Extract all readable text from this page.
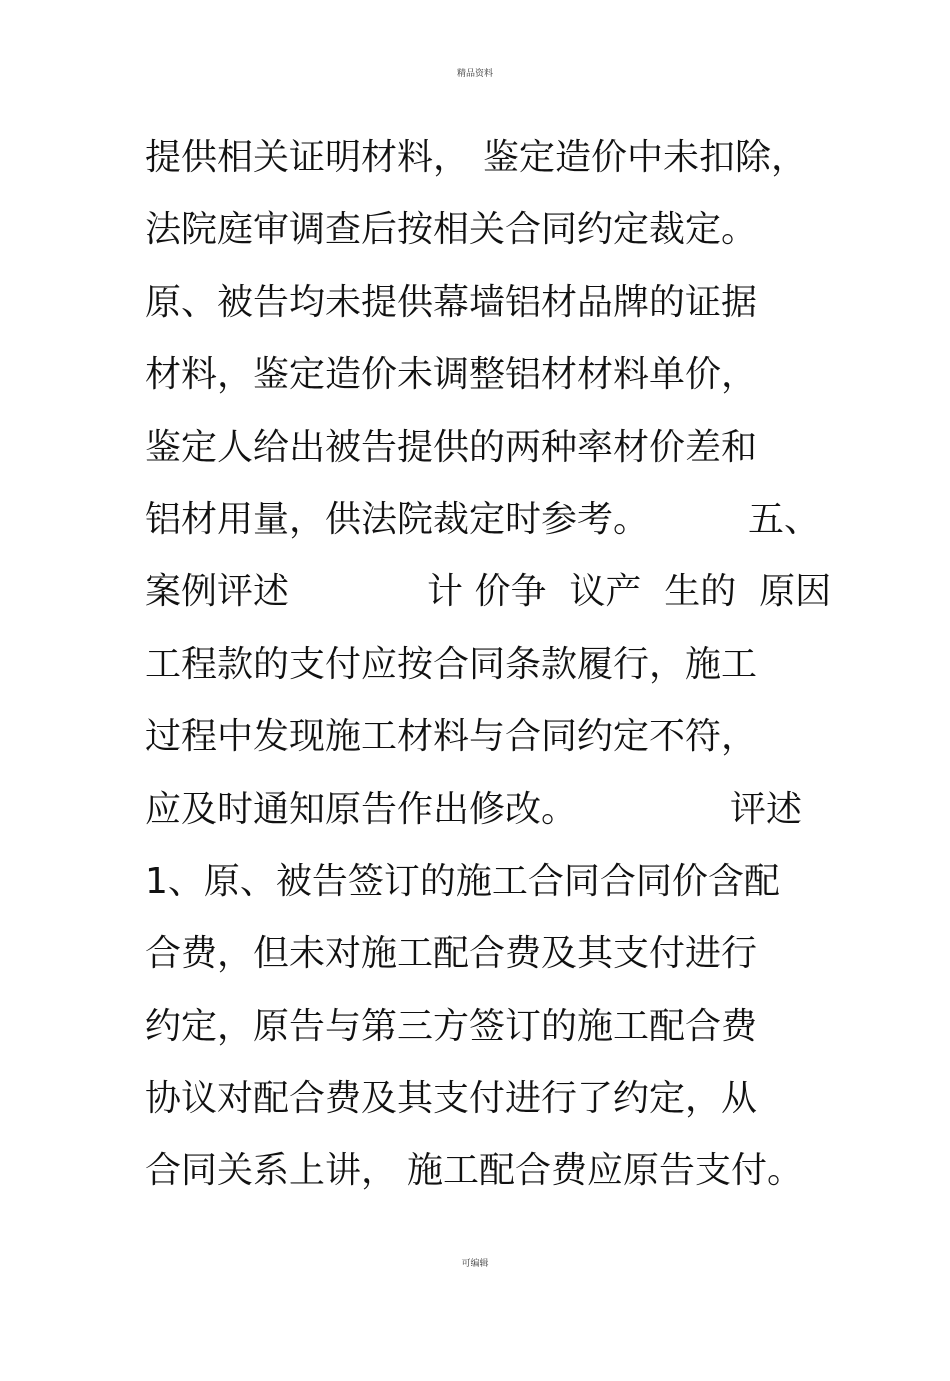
精品资料

提供相关证明材料，

鉴定造价中未扣除，

法院庭审调查后按相关合同约定裁定。

原、被告均未提供幕墙铝材品牌的证据

材料，鉴定造价未调整铝材材料单价，

鉴定人给出被告提供的两种率材价差和

铝材用量，供法院裁定时参考。

	五、

案例评述

	计 价争  议产  生的  原因

工程款的支付应按合同条款履行，施工

过程中发现施工材料与合同约定不符，

应及时通知原告作出修改。

	评述

1、原、被告签订的施工合同合同价含配

合费，但未对施工配合费及其支付进行

约定，原告与第三方签订的施工配合费

协议对配合费及其支付进行了约定，从

合同关系上讲，

施工配合费应原告支付。

可编辑
